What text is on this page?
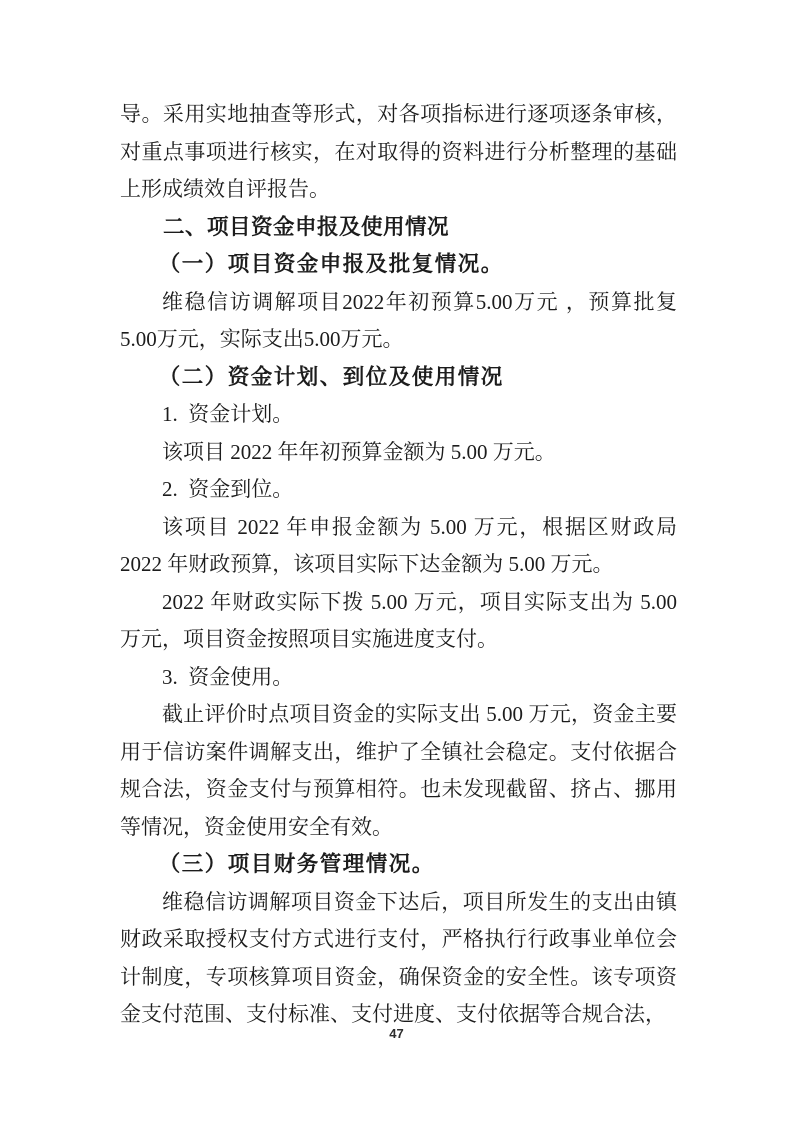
导。采用实地抽查等形式，对各项指标进行逐项逐条审核，对重点事项进行核实，在对取得的资料进行分析整理的基础上形成绩效自评报告。

二、项目资金申报及使用情况

（一）项目资金申报及批复情况。

维稳信访调解项目2022年初预算5.00万元 ，预算批复5.00万元，实际支出5.00万元。

（二）资金计划、到位及使用情况

1. 资金计划。

该项目 2022 年年初预算金额为 5.00 万元。

2. 资金到位。

该项目 2022 年申报金额为 5.00 万元，根据区财政局 2022 年财政预算，该项目实际下达金额为 5.00 万元。

2022 年财政实际下拨 5.00 万元，项目实际支出为 5.00 万元，项目资金按照项目实施进度支付。

3. 资金使用。

截止评价时点项目资金的实际支出 5.00 万元，资金主要用于信访案件调解支出，维护了全镇社会稳定。支付依据合规合法，资金支付与预算相符。也未发现截留、挤占、挪用等情况，资金使用安全有效。

（三）项目财务管理情况。

维稳信访调解项目资金下达后，项目所发生的支出由镇财政采取授权支付方式进行支付，严格执行行政事业单位会计制度，专项核算项目资金，确保资金的安全性。该专项资金支付范围、支付标准、支付进度、支付依据等合规合法，

47
